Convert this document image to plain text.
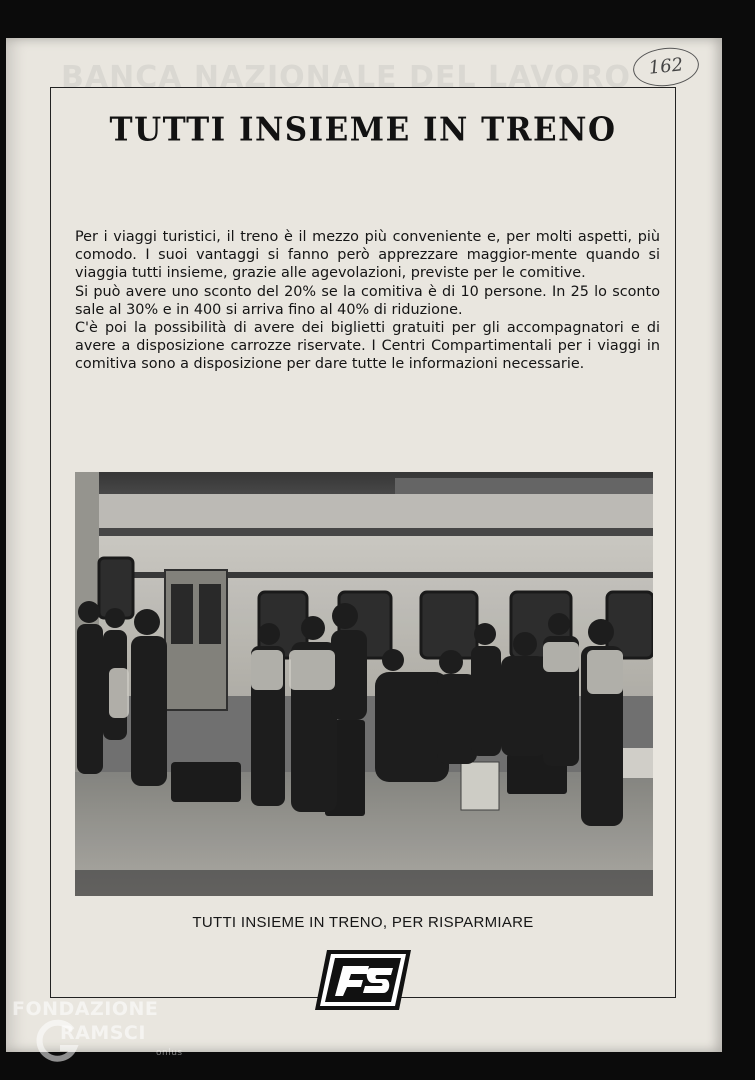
BANCA NAZIONALE DEL LAVORO 162
TUTTI INSIEME IN TRENO

Per i viaggi turistici, il treno è il mezzo più conveniente e, per molti aspetti, più comodo. I suoi vantaggi si fanno però apprezzare maggior-mente quando si viaggia tutti insieme, grazie alle agevolazioni, previste per le comitive.

Si può avere uno sconto del 20% se la comitiva è di 10 persone. In 25 lo sconto sale al 30% e in 400 si arriva fino al 40% di riduzione.

C'è poi la possibilità di avere dei biglietti gratuiti per gli accompagnatori e di avere a disposizione carrozze riservate. I Centri Compartimentali per i viaggi in comitiva sono a disposizione per dare tutte le informazioni necessarie.

TUTTI INSIEME IN TRENO, PER RISPARMIARE
FONDAZIONE
RAMSCI
onlus
